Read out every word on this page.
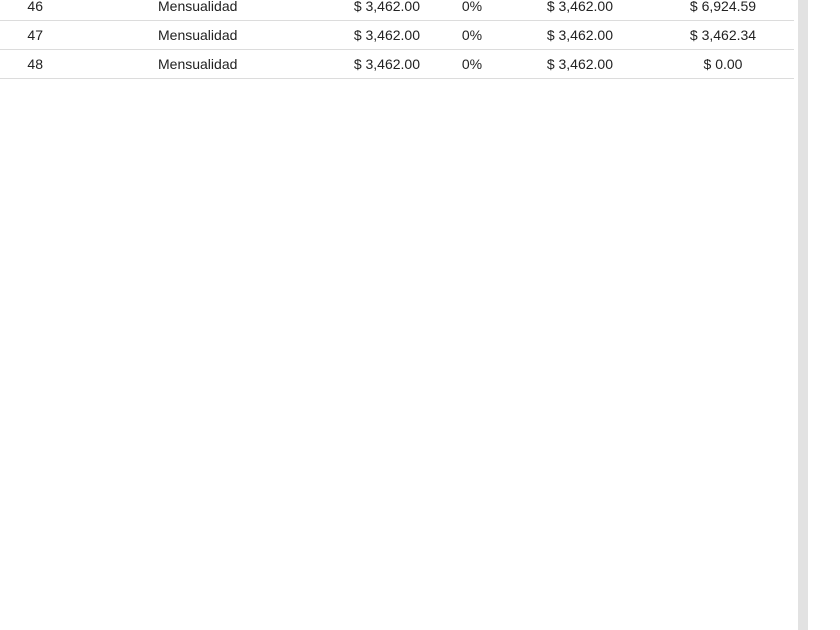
46	Mensualidad	$ 3,462.00	0%	$ 3,462.00	$ 6,924.59
47	Mensualidad	$ 3,462.00	0%	$ 3,462.00	$ 3,462.34
48	Mensualidad	$ 3,462.00	0%	$ 3,462.00	$ 0.00
